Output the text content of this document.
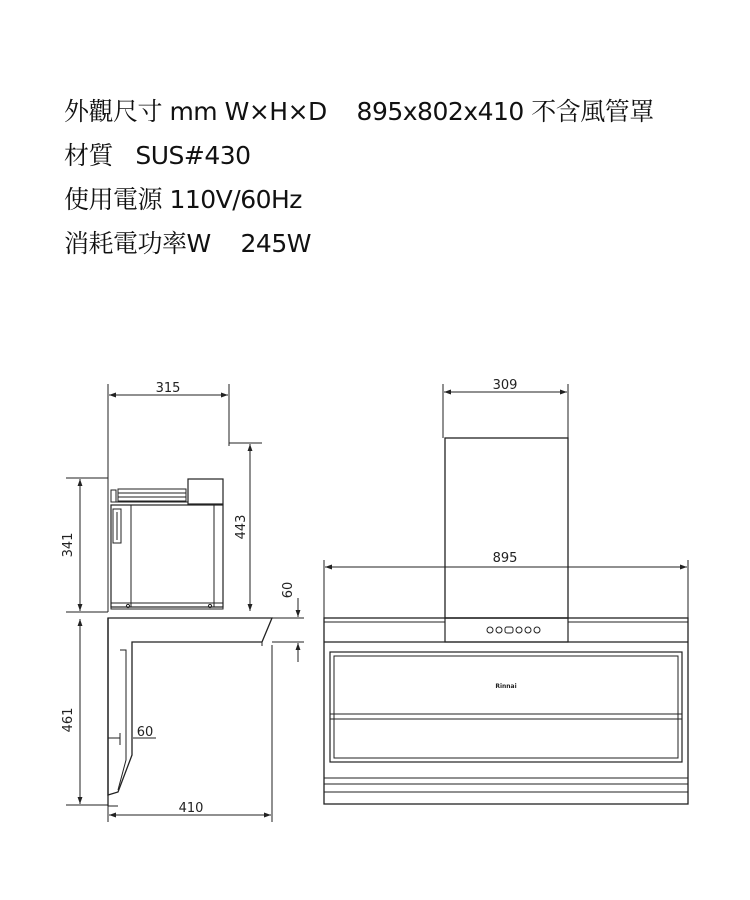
外觀尺寸 mm W×H×D    895x802x410 不含風管罩
材質   SUS#430
使用電源 110V/60Hz
消耗電功率W    245W
315
341
443
60
461
60
410
309
895
Rinnai
